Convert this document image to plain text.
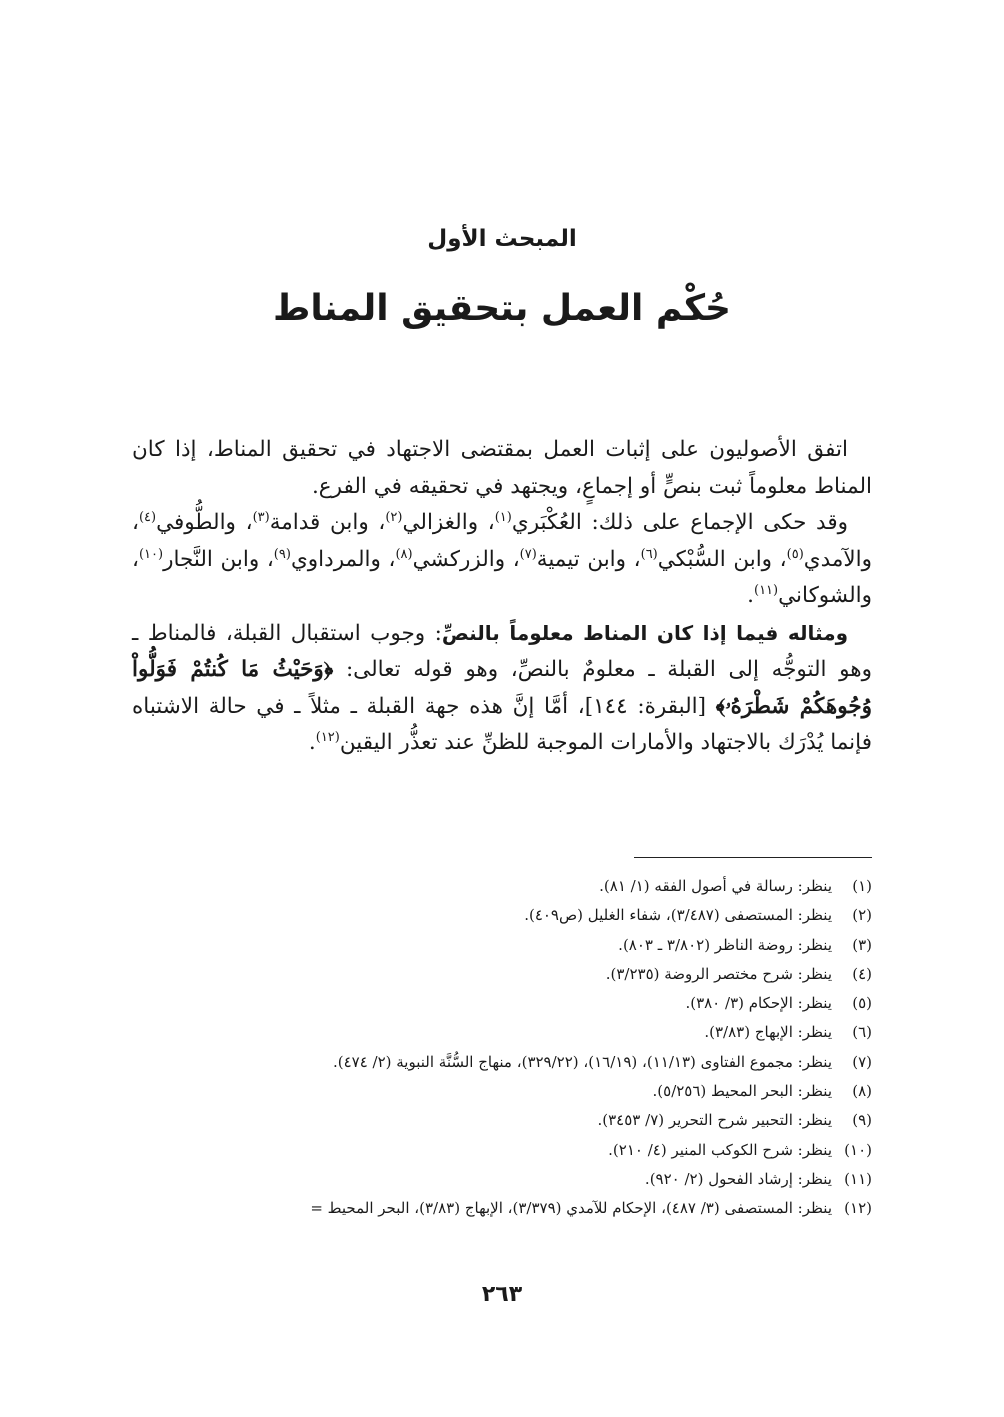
المبحث الأول
حُكْم العمل بتحقيق المناط

اتفق الأصوليون على إثبات العمل بمقتضى الاجتهاد في تحقيق المناط، إذا كان المناط معلوماً ثبت بنصٍّ أو إجماعٍ، ويجتهد في تحقيقه في الفرع.

وقد حكى الإجماع على ذلك: العُكْبَري$^{(١)}$، والغزالي$^{(٢)}$، وابن قدامة$^{(٣)}$، والطُّوفي$^{(٤)}$، والآمدي$^{(٥)}$، وابن السُّبْكي$^{(٦)}$، وابن تيمية$^{(٧)}$، والزركشي$^{(٨)}$، والمرداوي$^{(٩)}$، وابن النَّجار$^{(١٠)}$، والشوكاني$^{(١١)}$.

ومثاله فيما إذا كان المناط معلوماً بالنصِّ: وجوب استقبال القبلة، فالمناط ـ وهو التوجُّه إلى القبلة ـ معلومٌ بالنصِّ، وهو قوله تعالى: ﴿وَحَيْثُ مَا كُنتُمْ فَوَلُّواْ وُجُوهَكُمْ شَطْرَهُۥ﴾ [البقرة: ١٤٤]، أمَّا إنَّ هذه جهة القبلة ـ مثلاً ـ في حالة الاشتباه فإنما يُدْرَك بالاجتهاد والأمارات الموجبة للظنِّ عند تعذُّر اليقين$^{(١٢)}$.

(١)ينظر: رسالة في أصول الفقه (١/ ٨١).
(٢)ينظر: المستصفى (٣/٤٨٧)، شفاء الغليل (ص٤٠٩).
(٣)ينظر: روضة الناظر (٣/٨٠٢ ـ ٨٠٣).
(٤)ينظر: شرح مختصر الروضة (٣/٢٣٥).
(٥)ينظر: الإحكام (٣/ ٣٨٠).
(٦)ينظر: الإبهاج (٣/٨٣).
(٧)ينظر: مجموع الفتاوى (١١/١٣)، (١٦/١٩)، (٣٢٩/٢٢)، منهاج السُّنَّة النبوية (٢/ ٤٧٤).
(٨)ينظر: البحر المحيط (٥/٢٥٦).
(٩)ينظر: التحبير شرح التحرير (٧/ ٣٤٥٣).
(١٠)ينظر: شرح الكوكب المنير (٤/ ٢١٠).
(١١)ينظر: إرشاد الفحول (٢/ ٩٢٠).
(١٢)ينظر: المستصفى (٣/ ٤٨٧)، الإحكام للآمدي (٣/٣٧٩)، الإبهاج (٣/٨٣)، البحر المحيط =
٢٦٣
